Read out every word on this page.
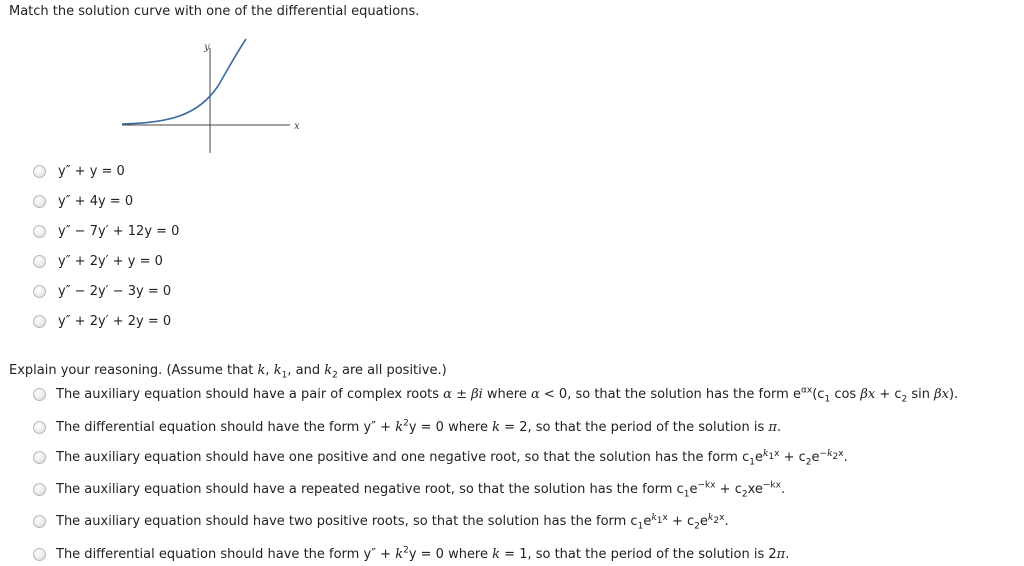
Match the solution curve with one of the differential equations.
y
x
y″ + y = 0
y″ + 4y = 0
y″ − 7y′ + 12y = 0
y″ + 2y′ + y = 0
y″ − 2y′ − 3y = 0
y″ + 2y′ + 2y = 0
Explain your reasoning. (Assume that k, $k_1$, and $k_2$ are all positive.)
The auxiliary equation should have a pair of complex roots α ± βi where α < 0, so that the solution has the form $e^{\alpha x}(c_1$ $\cos \beta x + c_2$ sin βx).
The differential equation should have the form $y'' + k^2y = 0$ where k = 2, so that the period of the solution is π.
The auxiliary equation should have one positive and one negative root, so that the solution has the form $c_1e^{k_1x} + c_2e^{-k_2x}$.
The auxiliary equation should have a repeated negative root, so that the solution has the form $c_1e^{-kx} + c_2xe^{-kx}$.
The auxiliary equation should have two positive roots, so that the solution has the form $c_1e^{k_1x} + c_2e^{k_2x}$.
The differential equation should have the form $y'' + k^2y = 0$ where k = 1, so that the period of the solution is 2π.
